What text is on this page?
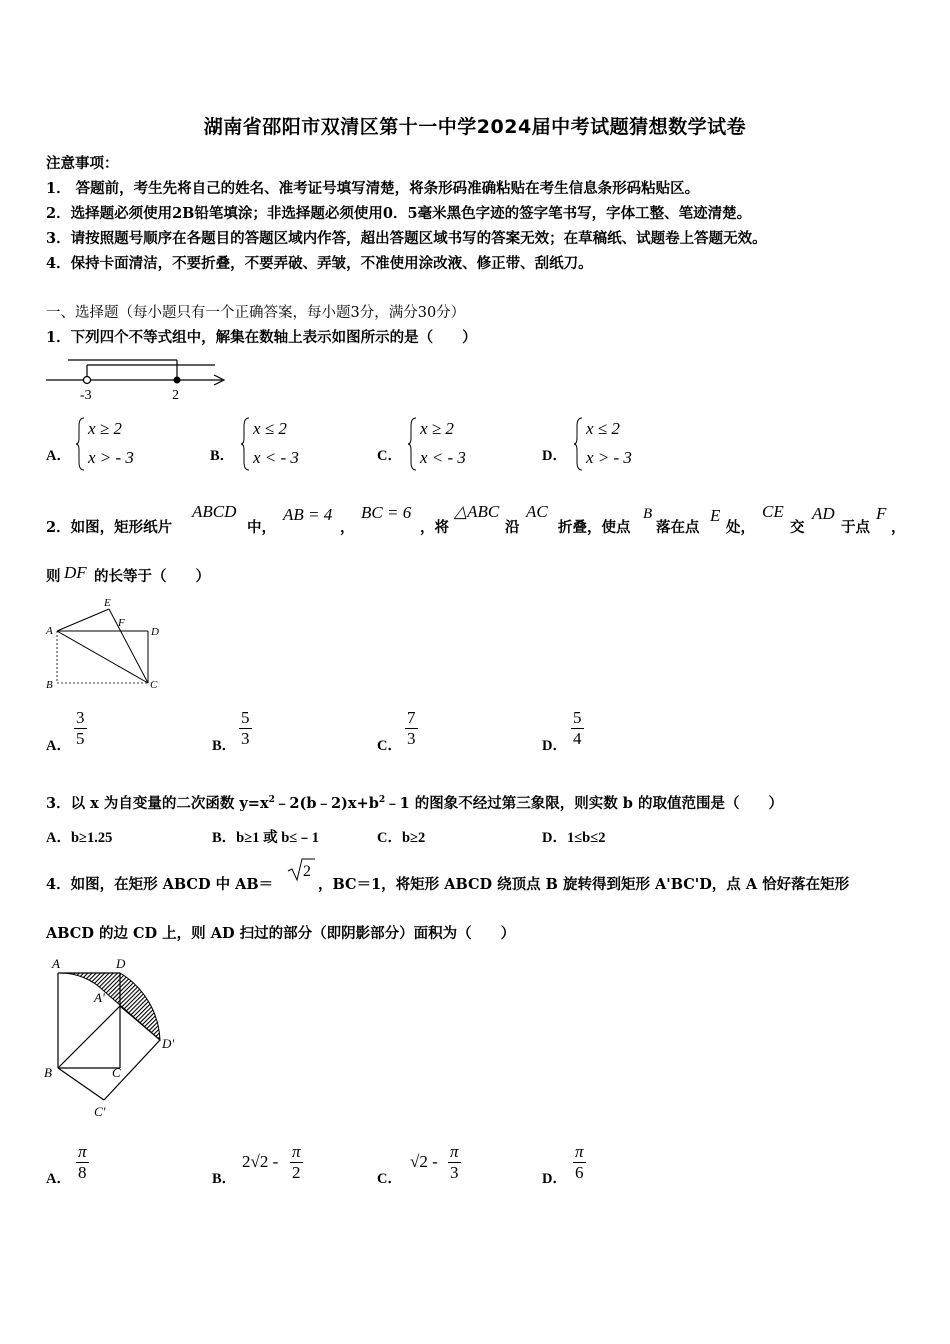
湖南省邵阳市双清区第十一中学2024届中考试题猜想数学试卷
注意事项：
1． 答题前，考生先将自己的姓名、准考证号填写清楚，将条形码准确粘贴在考生信息条形码粘贴区。
2．选择题必须使用2B铅笔填涂；非选择题必须使用0．5毫米黑色字迹的签字笔书写，字体工整、笔迹清楚。
3．请按照题号顺序在各题目的答题区域内作答，超出答题区域书写的答案无效；在草稿纸、试题卷上答题无效。
4．保持卡面清洁，不要折叠，不要弄破、弄皱，不准使用涂改液、修正带、刮纸刀。
一、选择题（每小题只有一个正确答案，每小题3分，满分30分）
1．下列四个不等式组中，解集在数轴上表示如图所示的是（　　）
-3	2
A．
x ≥ 2
x > - 3	B．
x ≤ 2
x < - 3	C．
x ≥ 2
x < - 3	D．
x ≤ 2
x > - 3
2．如图，矩形纸片
ABCD
中，
AB = 4
，
BC = 6
，将
△ABC
沿
AC
折叠，使点
B
落在点
E
处，
CE
交
AD
于点
F
，
则 DF 的长等于（　　）
A
B	C
D
E
F
A． $\frac{3}{5}$	B． $\frac{5}{3}$	C． $\frac{7}{3}$	D． $\frac{5}{4}$
3．以 x 为自变量的二次函数 $y=x^2﹣2(b﹣2)x+b^2﹣1$ 的图象不经过第三象限，则实数 b 的取值范围是（　　）
A．b≥1.25	B．b≥1 或 b≤﹣1	C．b≥2	D．1≤b≤2
4．如图，在矩形 ABCD 中 AB＝
2
，BC＝1，将矩形 ABCD 绕顶点 B 旋转得到矩形 A'BC'D，点 A 恰好落在矩形
ABCD 的边 CD 上，则 AD 扫过的部分（即阴影部分）面积为（　　）
A	D
A'
B	C
D'
C'
A． $\frac{\pi}{8}$	B．
$2√2 - \frac{\pi}{2}$	C．
$√2 - \frac{\pi}{3}$	D． $\frac{\pi}{6}$
